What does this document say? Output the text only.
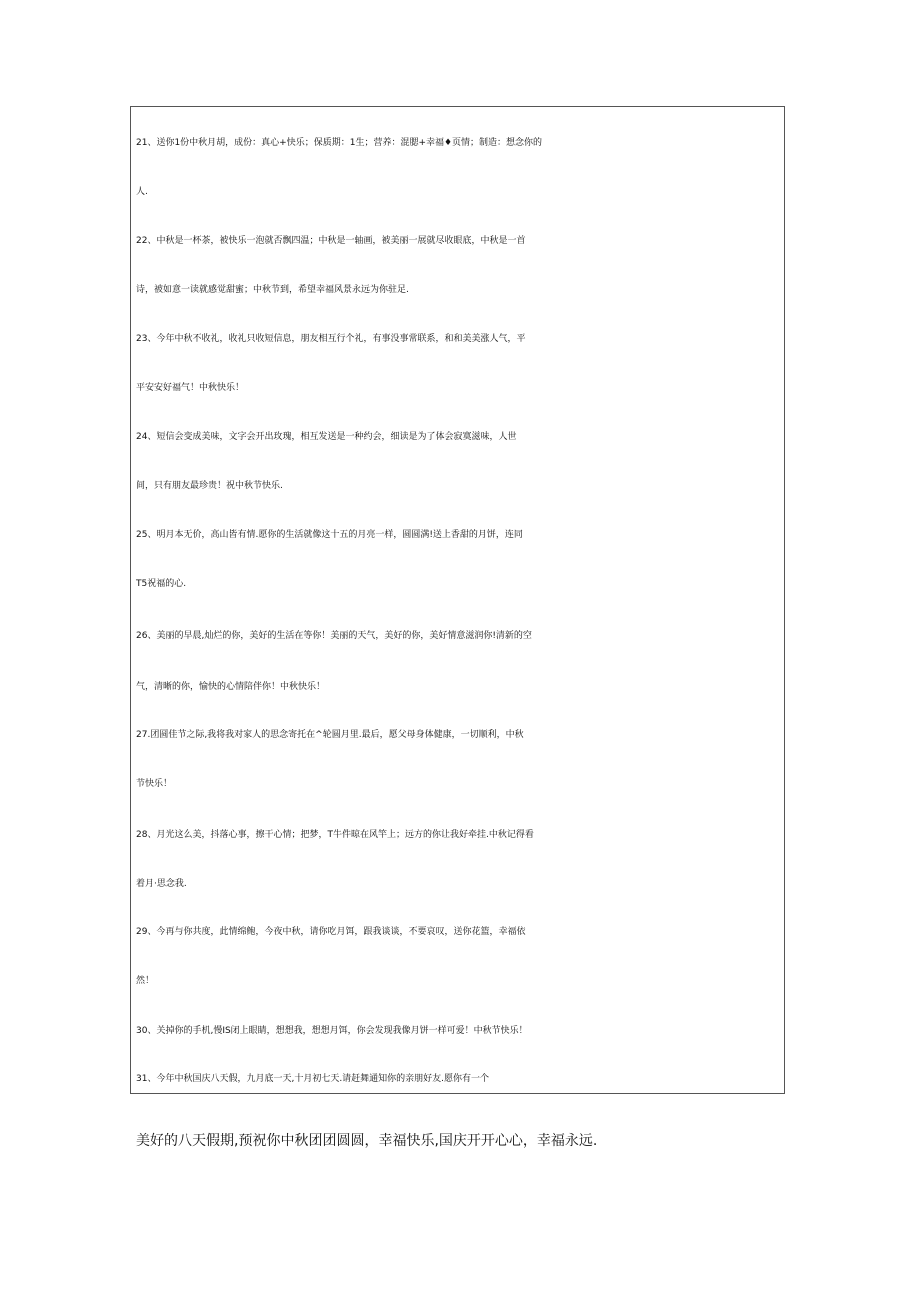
21、送你1份中秋月胡，成份：真心+快乐；保质期：1生；营养：混腮+幸福♦页情；制造：想念你的
人.
22、中秋是一杯茶，被快乐一泡就否飘四温；中秋是一轴画，被美丽一展就尽收眼底，中秋是一首
诗，被如意一读就感觉甜蜜；中秋节到，希望幸福风景永远为你驻足.
23、今年中秋不收礼，收礼只收短信息，朋友相互行个礼，有事没事常联系，和和美美涨人气，平
平安安好福气！中秋快乐！
24、短信会变成美味，文字会开出玫瑰，相互发送是一种约会，细读是为了体会寂寞滋味，人世
间，只有朋友最珍贵！祝中秋节快乐.
25、明月本无价，高山皆有情.愿你的生活就像这十五的月亮一样，圆圆满!送上香甜的月饼，连同
T5祝福的心.
26、美丽的早晨,灿烂的你，美好的生活在等你！美丽的天气，美好的你，美好情意滋润你!清新的空
气，清晰的你，愉快的心情陪伴你！中秋快乐！
27.团圆佳节之际,我将我对家人的思念寄托在^轮圆月里.最后，愿父母身体健康，一切顺利，中秋
节快乐！
28、月光这么美，抖落心事，擦干心情；把梦，T牛件晾在风竿上；远方的你让我好牵挂.中秋记得看
着月·思念我.
29、今再与你共度，此情绵鲍，今夜中秋，请你吃月饵，跟我谈谈，不要哀叹，送你花篮，幸福依
然！
30、关掉你的手机,慢IS闭上眼睛，想想我，想想月饵，你会发现我像月饼一样可爱！中秋节快乐！
31、今年中秋国庆八天假，九月底一天,十月初七天.请赶舞通知你的亲朋好友.愿你有一个
美好的八天假期,预祝你中秋团团圆圆，幸福快乐,国庆开开心心，幸福永远.
